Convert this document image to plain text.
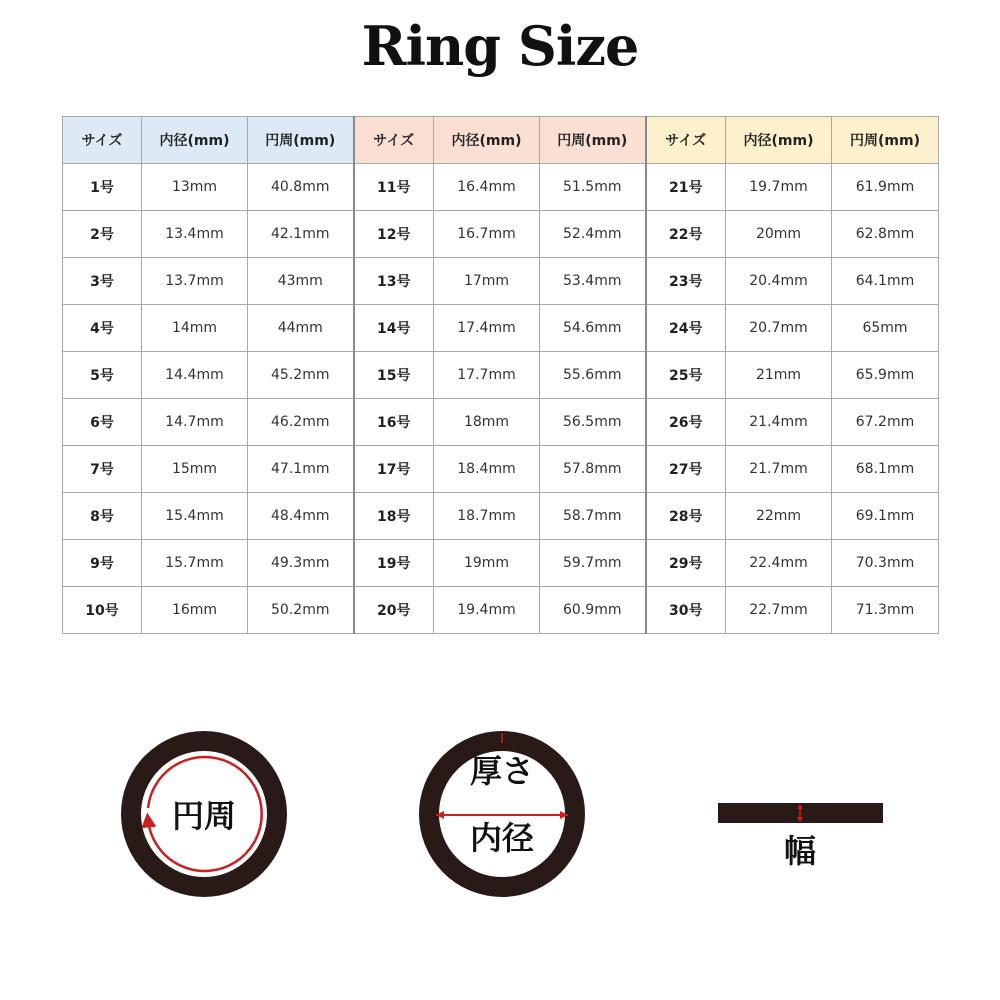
Ring Size
サイズ	内径(mm)	円周(mm)	サイズ	内径(mm)	円周(mm)	サイズ	内径(mm)	円周(mm)
1号	13mm	40.8mm	11号	16.4mm	51.5mm	21号	19.7mm	61.9mm
2号	13.4mm	42.1mm	12号	16.7mm	52.4mm	22号	20mm	62.8mm
3号	13.7mm	43mm	13号	17mm	53.4mm	23号	20.4mm	64.1mm
4号	14mm	44mm	14号	17.4mm	54.6mm	24号	20.7mm	65mm
5号	14.4mm	45.2mm	15号	17.7mm	55.6mm	25号	21mm	65.9mm
6号	14.7mm	46.2mm	16号	18mm	56.5mm	26号	21.4mm	67.2mm
7号	15mm	47.1mm	17号	18.4mm	57.8mm	27号	21.7mm	68.1mm
8号	15.4mm	48.4mm	18号	18.7mm	58.7mm	28号	22mm	69.1mm
9号	15.7mm	49.3mm	19号	19mm	59.7mm	29号	22.4mm	70.3mm
10号	16mm	50.2mm	20号	19.4mm	60.9mm	30号	22.7mm	71.3mm
円周
厚さ
内径	幅
